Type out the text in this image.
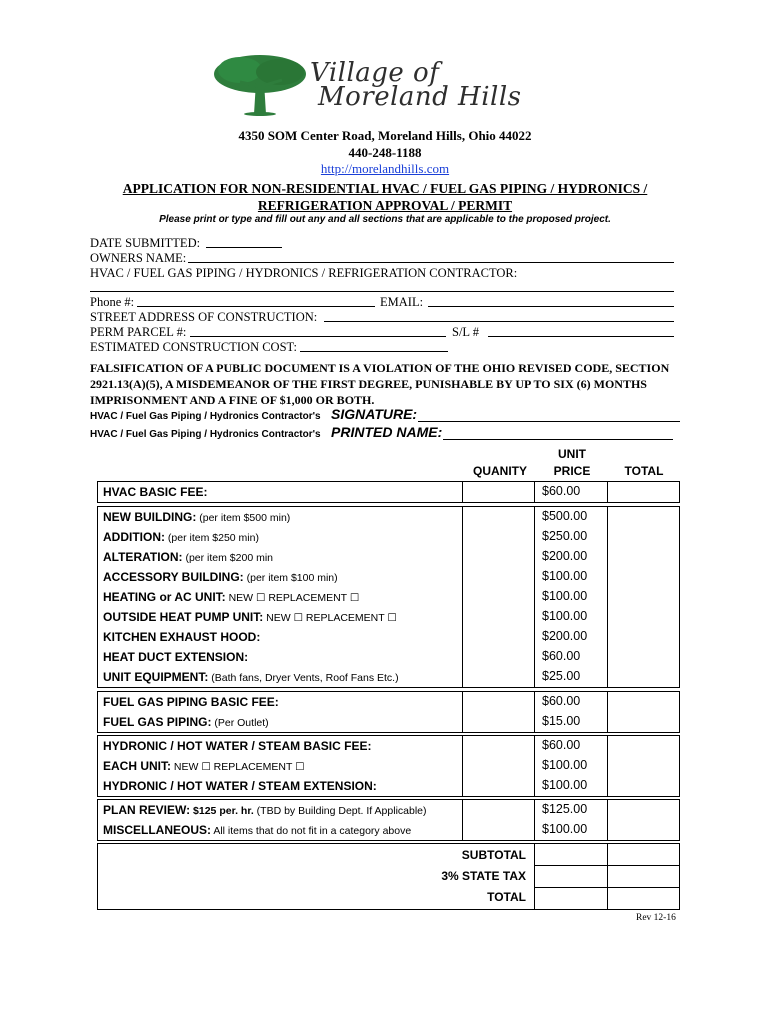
Village of
Moreland Hills
4350 SOM Center Road, Moreland Hills, Ohio 44022
440-248-1188
http://morelandhills.com
APPLICATION FOR NON-RESIDENTIAL HVAC / FUEL GAS PIPING / HYDRONICS /
REFRIGERATION APPROVAL / PERMIT
Please print or type and fill out any and all sections that are applicable to the proposed project.
DATE SUBMITTED:
OWNERS NAME:
HVAC / FUEL GAS PIPING / HYDRONICS / REFRIGERATION CONTRACTOR:
Phone #:	EMAIL:
STREET ADDRESS OF CONSTRUCTION:
PERM PARCEL #:	S/L #
ESTIMATED CONSTRUCTION COST:
FALSIFICATION OF A PUBLIC DOCUMENT IS A VIOLATION OF THE OHIO REVISED CODE, SECTION 2921.13(A)(5), A MISDEMEANOR OF THE FIRST DEGREE, PUNISHABLE BY UP TO SIX (6) MONTHS IMPRISONMENT AND A FINE OF $1,000 OR BOTH.
HVAC / Fuel Gas Piping / Hydronics Contractor's SIGNATURE:
HVAC / Fuel Gas Piping / Hydronics Contractor's PRINTED NAME:
QUANITY
UNIT
PRICE	TOTAL
HVAC BASIC FEE:	$60.00
NEW BUILDING: (per item $500 min)	$500.00
ADDITION: (per item $250 min)	$250.00
ALTERATION: (per item $200 min	$200.00
ACCESSORY BUILDING: (per item $100 min)	$100.00
HEATING or AC UNIT: NEW ☐ REPLACEMENT ☐	$100.00
OUTSIDE HEAT PUMP UNIT: NEW ☐ REPLACEMENT ☐	$100.00
KITCHEN EXHAUST HOOD:	$200.00
HEAT DUCT EXTENSION:	$60.00
UNIT EQUIPMENT: (Bath fans, Dryer Vents, Roof Fans Etc.)	$25.00
FUEL GAS PIPING BASIC FEE:	$60.00
FUEL GAS PIPING: (Per Outlet)	$15.00
HYDRONIC / HOT WATER / STEAM BASIC FEE:	$60.00
EACH UNIT: NEW ☐ REPLACEMENT ☐	$100.00
HYDRONIC / HOT WATER / STEAM EXTENSION:	$100.00
PLAN REVIEW: $125 per. hr. (TBD by Building Dept. If Applicable)	$125.00
MISCELLANEOUS: All items that do not fit in a category above	$100.00
SUBTOTAL
3% STATE TAX
TOTAL
Rev 12-16
